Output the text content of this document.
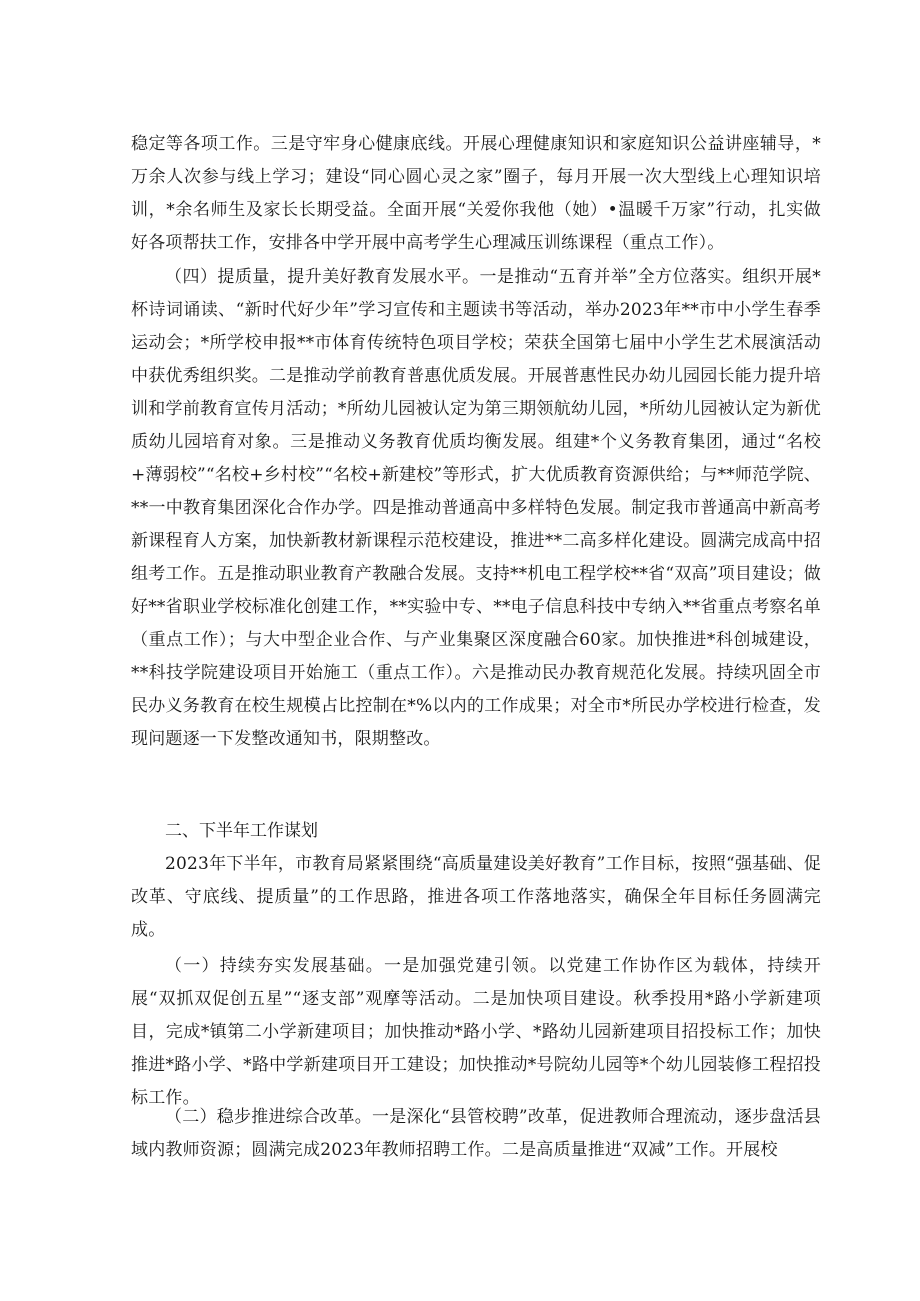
稳定等各项工作。三是守牢身心健康底线。开展心理健康知识和家庭知识公益讲座辅导，*万余人次参与线上学习；建设“同心圆心灵之家”圈子，每月开展一次大型线上心理知识培训，*余名师生及家长长期受益。全面开展“关爱你我他（她）•温暖千万家”行动，扎实做好各项帮扶工作，安排各中学开展中高考学生心理减压训练课程（重点工作）。

（四）提质量，提升美好教育发展水平。一是推动“五育并举”全方位落实。组织开展*杯诗词诵读、“新时代好少年”学习宣传和主题读书等活动，举办2023年**市中小学生春季运动会；*所学校申报**市体育传统特色项目学校；荣获全国第七届中小学生艺术展演活动中获优秀组织奖。二是推动学前教育普惠优质发展。开展普惠性民办幼儿园园长能力提升培训和学前教育宣传月活动；*所幼儿园被认定为第三期领航幼儿园，*所幼儿园被认定为新优质幼儿园培育对象。三是推动义务教育优质均衡发展。组建*个义务教育集团，通过“名校+薄弱校”“名校+乡村校”“名校+新建校”等形式，扩大优质教育资源供给；与**师范学院、**一中教育集团深化合作办学。四是推动普通高中多样特色发展。制定我市普通高中新高考新课程育人方案，加快新教材新课程示范校建设，推进**二高多样化建设。圆满完成高中招组考工作。五是推动职业教育产教融合发展。支持**机电工程学校**省“双高”项目建设；做好**省职业学校标准化创建工作，**实验中专、**电子信息科技中专纳入**省重点考察名单（重点工作）；与大中型企业合作、与产业集聚区深度融合60家。加快推进*科创城建设，**科技学院建设项目开始施工（重点工作）。六是推动民办教育规范化发展。持续巩固全市民办义务教育在校生规模占比控制在*%以内的工作成果；对全市*所民办学校进行检查，发现问题逐一下发整改通知书，限期整改。

二、下半年工作谋划

2023年下半年，市教育局紧紧围绕“高质量建设美好教育”工作目标，按照“强基础、促改革、守底线、提质量”的工作思路，推进各项工作落地落实，确保全年目标任务圆满完成。

（一）持续夯实发展基础。一是加强党建引领。以党建工作协作区为载体，持续开展“双抓双促创五星”“逐支部”观摩等活动。二是加快项目建设。秋季投用*路小学新建项目，完成*镇第二小学新建项目；加快推动*路小学、*路幼儿园新建项目招投标工作；加快推进*路小学、*路中学新建项目开工建设；加快推动*号院幼儿园等*个幼儿园装修工程招投标工作。

（二）稳步推进综合改革。一是深化“县管校聘”改革，促进教师合理流动，逐步盘活县域内教师资源；圆满完成2023年教师招聘工作。二是高质量推进“双减”工作。开展校
